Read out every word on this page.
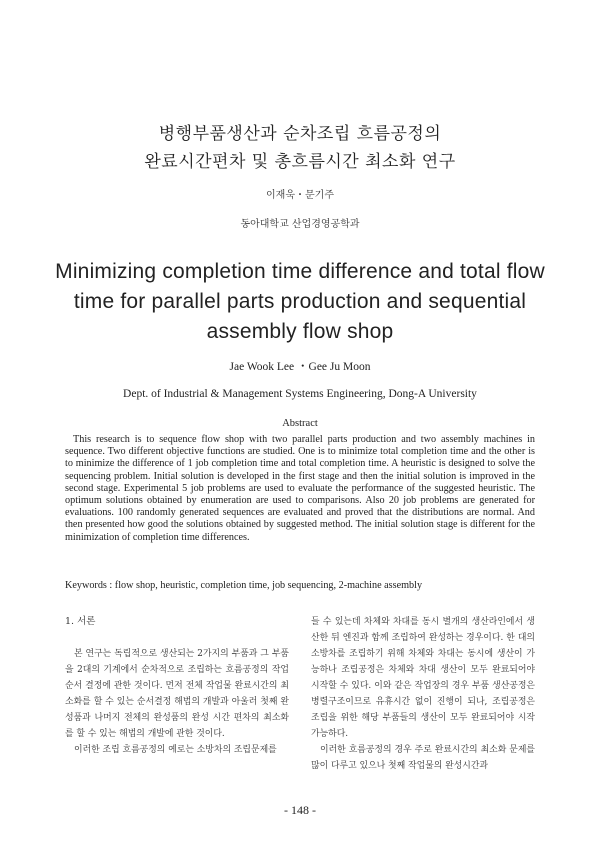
병행부품생산과 순차조립 흐름공정의
완료시간편차 및 총흐름시간 최소화 연구
이재욱・문기주
동아대학교 산업경영공학과
Minimizing completion time difference and total flow
time for parallel parts production and sequential
assembly flow shop
Jae Wook Lee ・Gee Ju Moon
Dept. of Industrial & Management Systems Engineering, Dong-A University
Abstract
This research is to sequence flow shop with two parallel parts production and two assembly machines in sequence. Two different objective functions are studied. One is to minimize total completion time and the other is to minimize the difference of 1 job completion time and total completion time. A heuristic is designed to solve the sequencing problem. Initial solution is developed in the first stage and then the initial solution is improved in the second stage. Experimental 5 job problems are used to evaluate the performance of the suggested heuristic. The optimum solutions obtained by enumeration are used to comparisons. Also 20 job problems are generated for evaluations. 100 randomly generated sequences are evaluated and proved that the distributions are normal. And then presented how good the solutions obtained by suggested method. The initial solution stage is different for the minimization of completion time differences.
Keywords : flow shop, heuristic, completion time, job sequencing, 2-machine assembly
1. 서론

본 연구는 독립적으로 생산되는 2가지의 부품과 그 부품을 2대의 기계에서 순차적으로 조립하는 흐름공정의 작업순서 결정에 관한 것이다. 먼저 전체 작업물 완료시간의 최소화를 할 수 있는 순서결정 해법의 개발과 아울러 첫째 완성품과 나머지 전체의 완성품의 완성 시간 편차의 최소화를 할 수 있는 해법의 개발에 관한 것이다.

이러한 조립 흐름공정의 예로는 소방차의 조립문제를

들 수 있는데 차체와 차대를 동시 별개의 생산라인에서 생산한 뒤 엔진과 함께 조립하여 완성하는 경우이다. 한 대의 소방차를 조립하기 위해 차체와 차대는 동시에 생산이 가능하나 조립공정은 차체와 차대 생산이 모두 완료되어야 시작할 수 있다. 이와 같은 작업장의 경우 부품 생산공정은 병렬구조이므로 유휴시간 없이 진행이 되나, 조립공정은 조립을 위한 해당 부품들의 생산이 모두 완료되어야 시작 가능하다.

이러한 흐름공정의 경우 주로 완료시간의 최소화 문제를 많이 다루고 있으나 첫째 작업물의 완성시간과

- 148 -
